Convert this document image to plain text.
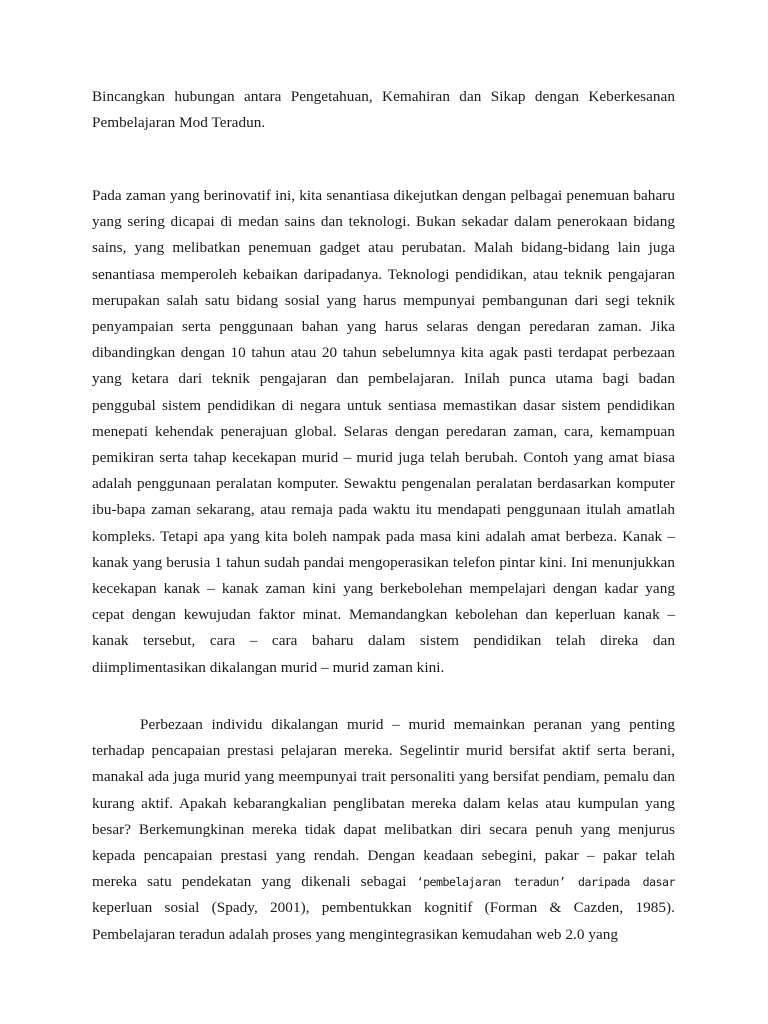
Bincangkan hubungan antara Pengetahuan, Kemahiran dan Sikap dengan Keberkesanan Pembelajaran Mod Teradun.

Pada zaman yang berinovatif ini, kita senantiasa dikejutkan dengan pelbagai penemuan baharu yang sering dicapai di medan sains dan teknologi. Bukan sekadar dalam penerokaan bidang sains, yang melibatkan penemuan gadget atau perubatan. Malah bidang-bidang lain juga senantiasa memperoleh kebaikan daripadanya. Teknologi pendidikan, atau teknik pengajaran merupakan salah satu bidang sosial yang harus mempunyai pembangunan dari segi teknik penyampaian serta penggunaan bahan yang harus selaras dengan peredaran zaman. Jika dibandingkan dengan 10 tahun atau 20 tahun sebelumnya kita agak pasti terdapat perbezaan yang ketara dari teknik pengajaran dan pembelajaran. Inilah punca utama bagi badan penggubal sistem pendidikan di negara untuk sentiasa memastikan dasar sistem pendidikan menepati kehendak penerajuan global. Selaras dengan peredaran zaman, cara, kemampuan pemikiran serta tahap kecekapan murid – murid juga telah berubah. Contoh yang amat biasa adalah penggunaan peralatan komputer. Sewaktu pengenalan peralatan berdasarkan komputer ibu-bapa zaman sekarang, atau remaja pada waktu itu mendapati penggunaan itulah amatlah kompleks. Tetapi apa yang kita boleh nampak pada masa kini adalah amat berbeza. Kanak – kanak yang berusia 1 tahun sudah pandai mengoperasikan telefon pintar kini. Ini menunjukkan kecekapan kanak – kanak zaman kini yang berkebolehan mempelajari dengan kadar yang cepat dengan kewujudan faktor minat. Memandangkan kebolehan dan keperluan kanak – kanak tersebut, cara – cara baharu dalam sistem pendidikan telah direka dan diimplimentasikan dikalangan murid – murid zaman kini.

Perbezaan individu dikalangan murid – murid memainkan peranan yang penting terhadap pencapaian prestasi pelajaran mereka. Segelintir murid bersifat aktif serta berani, manakal ada juga murid yang meempunyai trait personaliti yang bersifat pendiam, pemalu dan kurang aktif. Apakah kebarangkalian penglibatan mereka dalam kelas atau kumpulan yang besar? Berkemungkinan mereka tidak dapat melibatkan diri secara penuh yang menjurus kepada pencapaian prestasi yang rendah. Dengan keadaan sebegini, pakar – pakar telah mereka satu pendekatan yang dikenali sebagai ‘pembelajaran teradun’ daripada dasar keperluan sosial (Spady, 2001), pembentukkan kognitif (Forman & Cazden, 1985). Pembelajaran teradun adalah proses yang mengintegrasikan kemudahan web 2.0 yang
